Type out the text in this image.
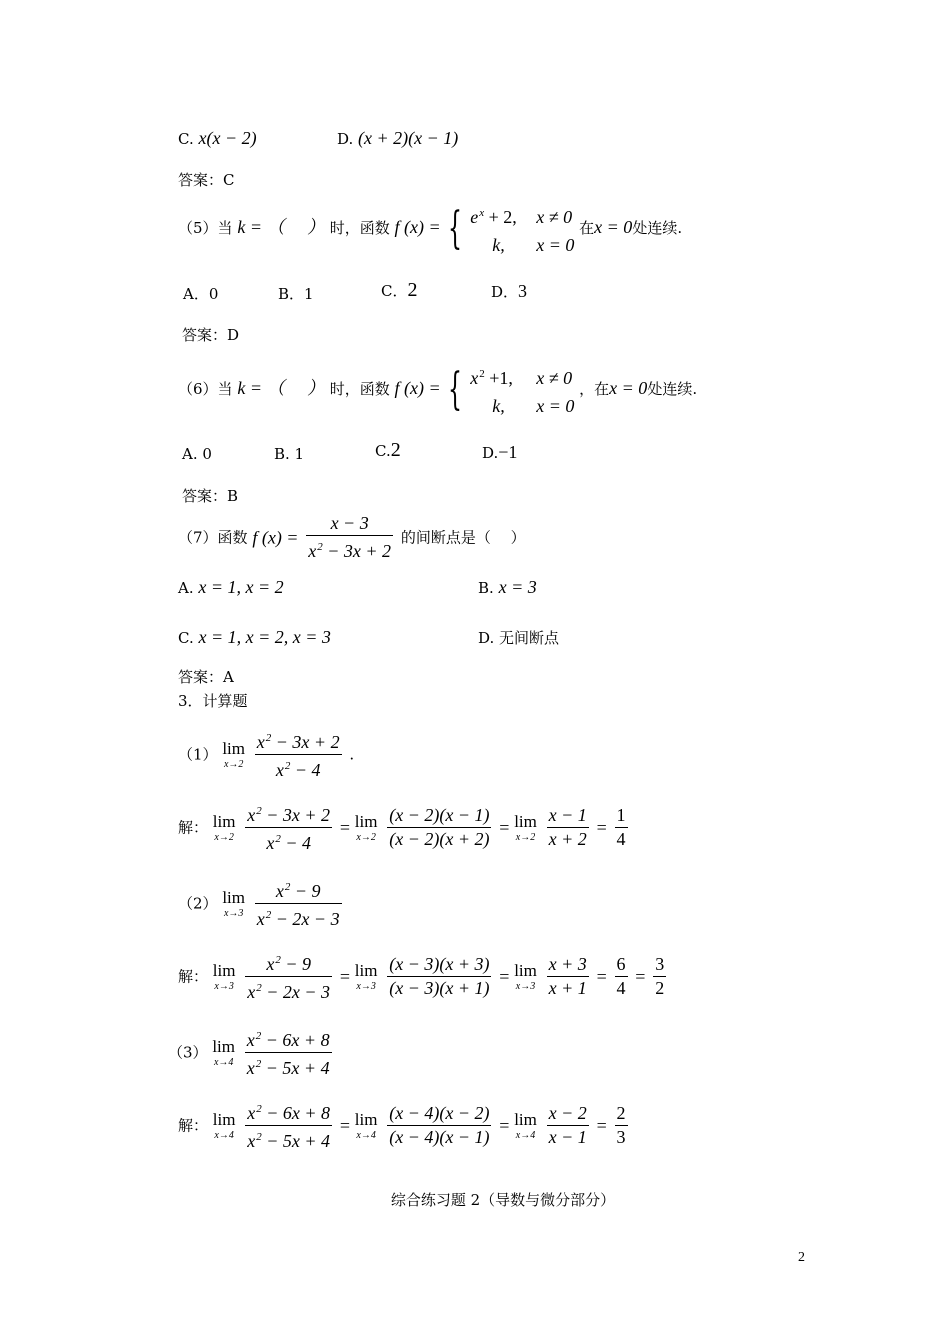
C. x(x − 2)	D. (x + 2)(x − 1)
答案：C
（5）当 k = （　 ） 时，函数 f (x) = { $e^x + 2$, x ≠ 0
k, x = 0
在x = 0处连续.
A．0	B．1	C．2	D．3
答案：D
（6）当 k = （　 ） 时，函数 f (x) = { $x^2 +1$, x ≠ 0
k, x = 0
，在x = 0处连续.
A. 0	B. 1	C.2	D.−1
答案：B
（7）函数 f $(x) = \frac{x - 3}{x^2 - 3x + 2}$ 的间断点是（　 ）
A. x = 1, x = 2	B. x = 3
C. x = 1, x = 2, x = 3	D. 无间断点
答案：A
3．计算题
（1） lim
x→2
$\frac{x^2 - 3x + 2}{x^2 - 4}$ .
解： lim
x→2
$\frac{x^2 - 3x + 2}{x^2 - 4} = \lim$
x→2
$\frac{(x - 2)(x - 1)}{(x - 2)(x + 2)} = \lim$
x→2
$\frac{x - 1}{x + 2} = \frac{1}{4}$
（2） lim
x→3
$\frac{x^2 - 9}{x^2 - 2x - 3}$
解： lim
x→3
$\frac{x^2 - 9}{x^2 - 2x - 3} = \lim$
x→3
$\frac{(x - 3)(x + 3)}{(x - 3)(x + 1)} = \lim$
x→3
$\frac{x + 3}{x + 1} = \frac{6}{4} = \frac{3}{2}$
（3） lim
x→4
$\frac{x^2 - 6x + 8}{x^2 - 5x + 4}$
解： lim
x→4
$\frac{x^2 - 6x + 8}{x^2 - 5x + 4} = \lim$
x→4
$\frac{(x - 4)(x - 2)}{(x - 4)(x - 1)} = \lim$
x→4
$\frac{x - 2}{x - 1} = \frac{2}{3}$
综合练习题 2（导数与微分部分）
2
